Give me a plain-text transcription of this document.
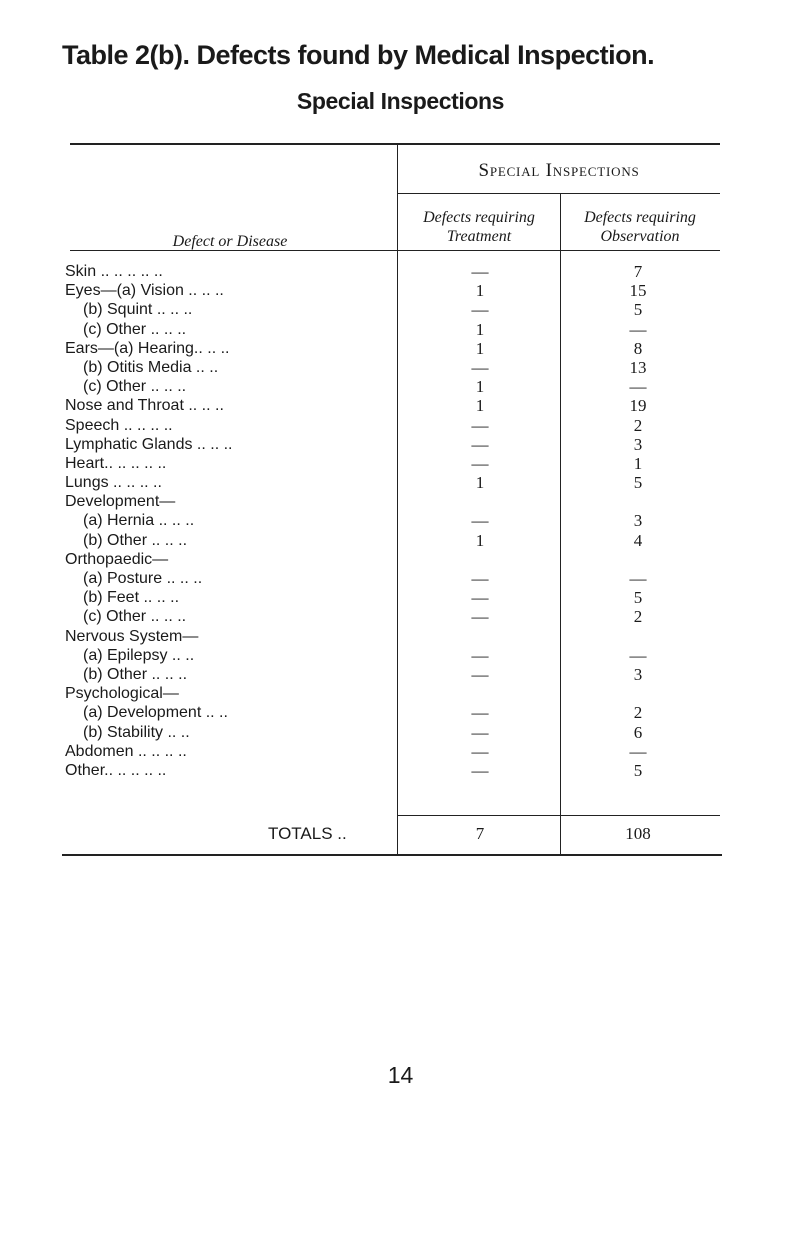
Table 2(b). Defects found by Medical Inspection.
Special Inspections
Special Inspections
Defect or Disease
Defects requiring
Treatment
Defects requiring
Observation
Skin .. .. .. .. ..	—	7
Eyes—(a) Vision .. .. ..	1	15
(b) Squint .. .. ..	—	5
(c) Other .. .. ..	1	—
Ears—(a) Hearing.. .. ..	1	8
(b) Otitis Media .. ..	—	13
(c) Other .. .. ..	1	—
Nose and Throat .. .. ..	1	19
Speech .. .. .. ..	—	2
Lymphatic Glands .. .. ..	—	3
Heart.. .. .. .. ..	—	1
Lungs .. .. .. ..	1	5
Development—
(a) Hernia .. .. ..	—	3
(b) Other .. .. ..	1	4
Orthopaedic—
(a) Posture .. .. ..	—	—
(b) Feet .. .. ..	—	5
(c) Other .. .. ..	—	2
Nervous System—
(a) Epilepsy .. ..	—	—
(b) Other .. .. ..	—	3
Psychological—
(a) Development .. ..	—	2
(b) Stability .. ..	—	6
Abdomen .. .. .. ..	—	—
Other.. .. .. .. ..	—	5
TOTALS ..	7	108
14
